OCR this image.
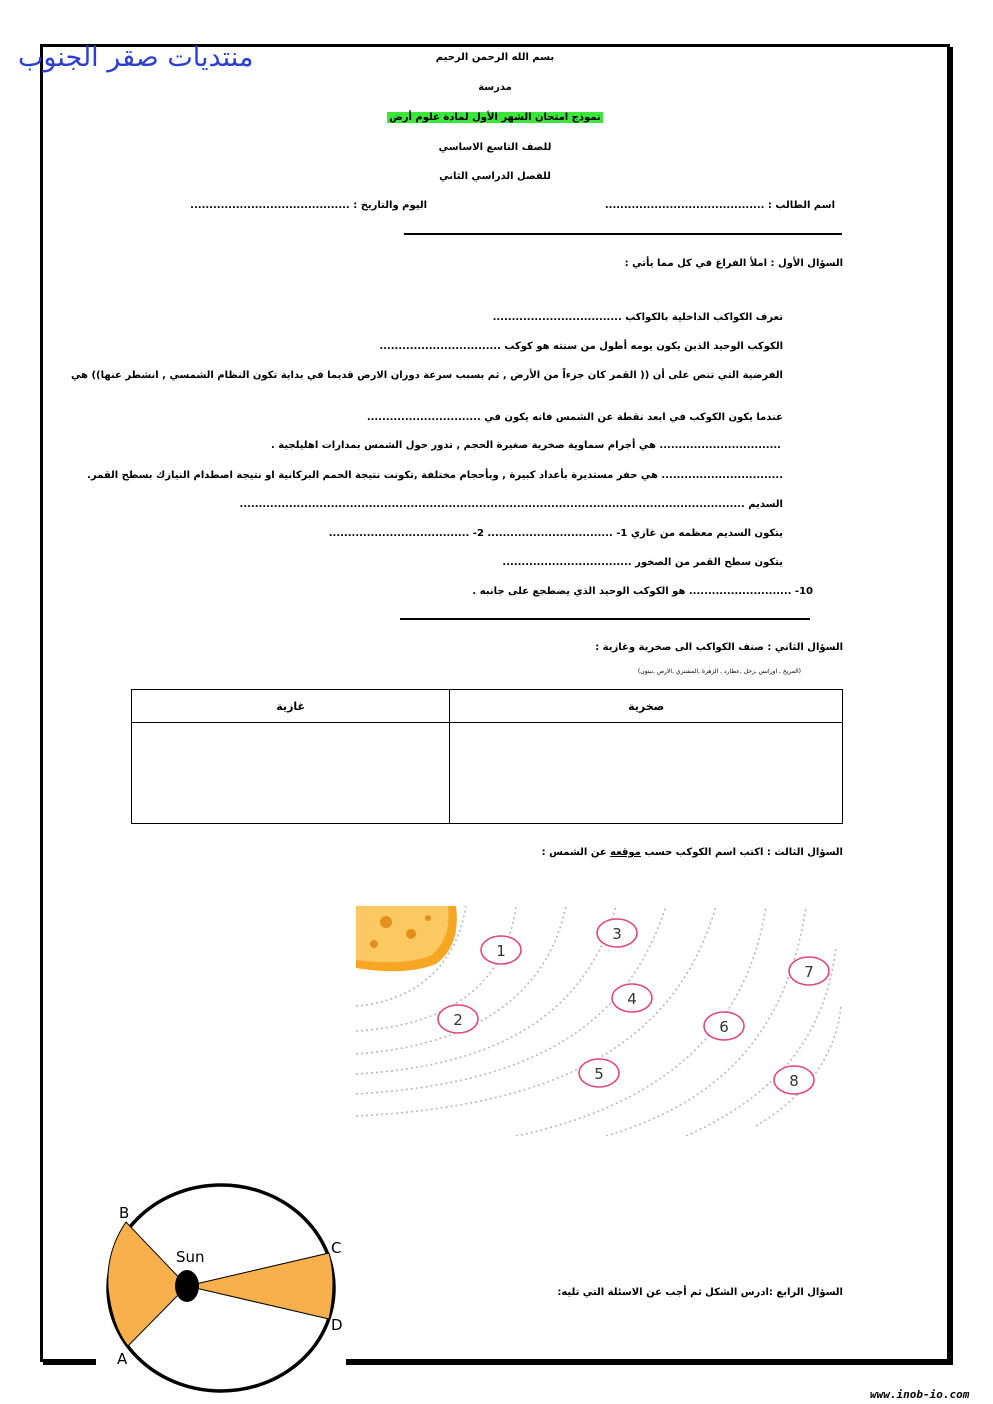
منتديات صقر الجنوب	بسم الله الرحمن الرحيم
مدرسة
نموذج امتحان الشهر الأول لمادة علوم أرض
للصف التاسع الاساسي
للفصل الدراسي الثاني
اسم الطالب : ..........................................
اليوم والتاريخ : ..........................................
السؤال الأول : املأ الفراغ في كل مما يأتي :
تعرف الكواكب الداخلية بالكواكب ..................................
الكوكب الوحيد الذين يكون يومه أطول من سنته هو كوكب ................................
الفرضية التي تنص على أن (( القمر كان جزءاً من الأرض , ثم بسبب سرعة دوران الارض قديما في بداية تكون النظام الشمسي , انشطر عنها)) هي
عندما يكون الكوكب في ابعد نقطة عن الشمس فانه يكون في ..............................
................................ هي أجرام سماوية صخرية صغيرة الحجم , تدور حول الشمس بمدارات اهليلجية .
................................ هي حفر مستديرة بأعداد كبيرة , وبأحجام مختلفة ,تكونت نتيجة الحمم البركانية او نتيجة اصطدام النيازك بسطح القمر.
السديم .....................................................................................................................................
يتكون السديم معظمه من غازي 1- ................................. 2- .....................................
يتكون سطح القمر من الصخور ..................................
10- ........................... هو الكوكب الوحيد الذي يضطجع على جانبه .
السؤال الثاني : صنف الكواكب الى صخرية وغازية :
(المريخ , اورانس ,زحل ,عطارد , الزهرة ,المشتري ,الارض ,نبتون)
غازية	صخرية

السؤال الثالث : اكتب اسم الكوكب حسب موقعه عن الشمس :
1
2
3
4
5
6
7
8
السؤال الرابع :ادرس الشكل ثم أجب عن الاسئلة التي تليه:
Sun
B
A
C
D
www.inob-io.com
